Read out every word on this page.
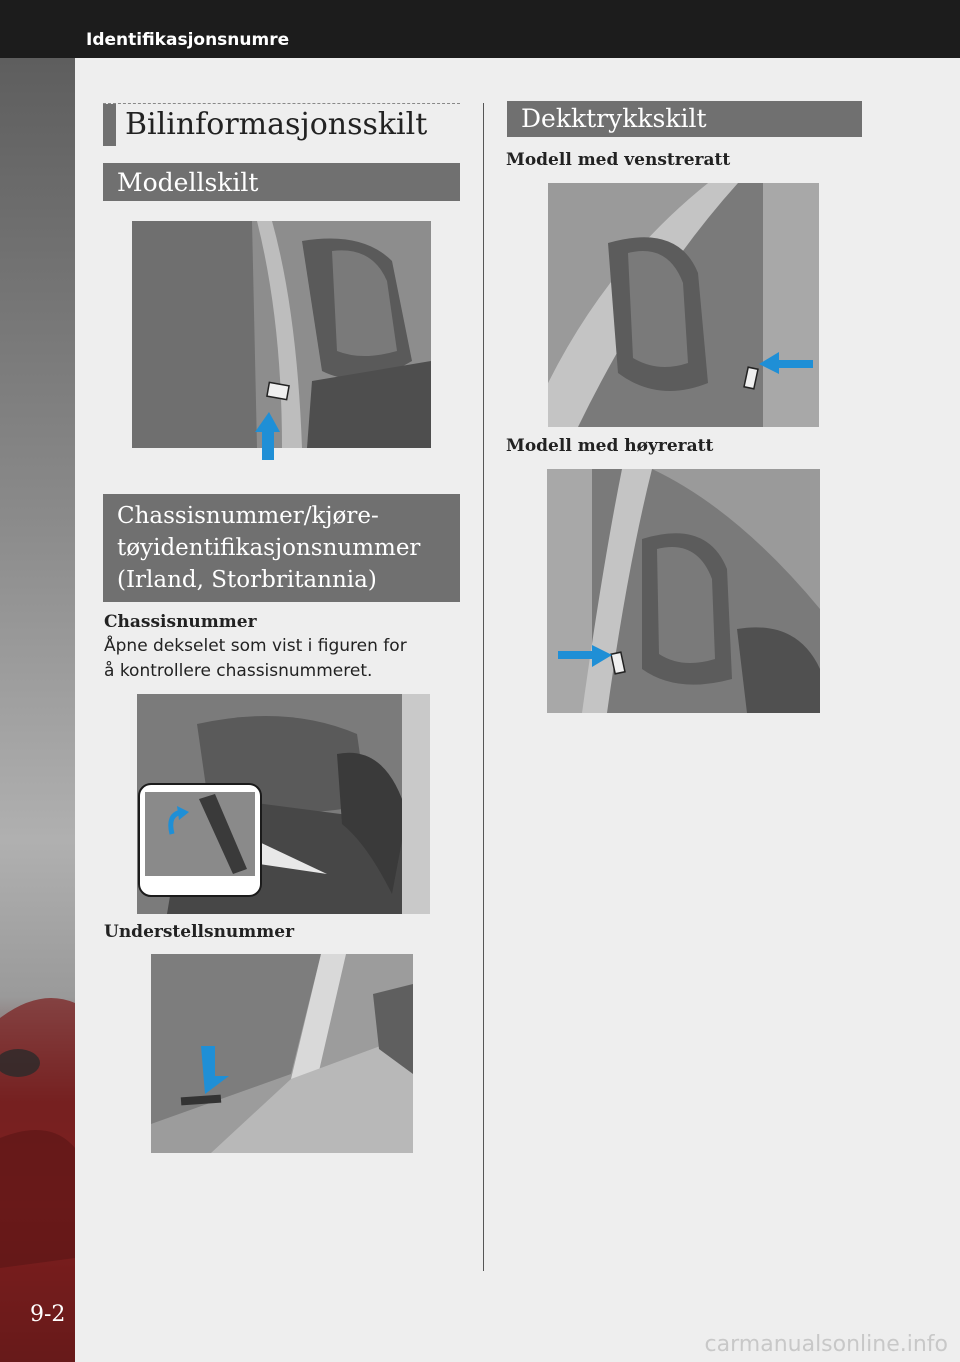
Identifikasjonsnumre
9-2
Bilinformasjonsskilt
Modellskilt
Chassisnummer/kjøre-
tøyidentifikasjonsnummer
(Irland, Storbritannia)
Chassisnummer
Åpne dekselet som vist i figuren for
å kontrollere chassisnummeret.
Understellsnummer
Dekktrykkskilt
Modell med venstreratt
Modell med høyreratt
carmanualsonline.info
